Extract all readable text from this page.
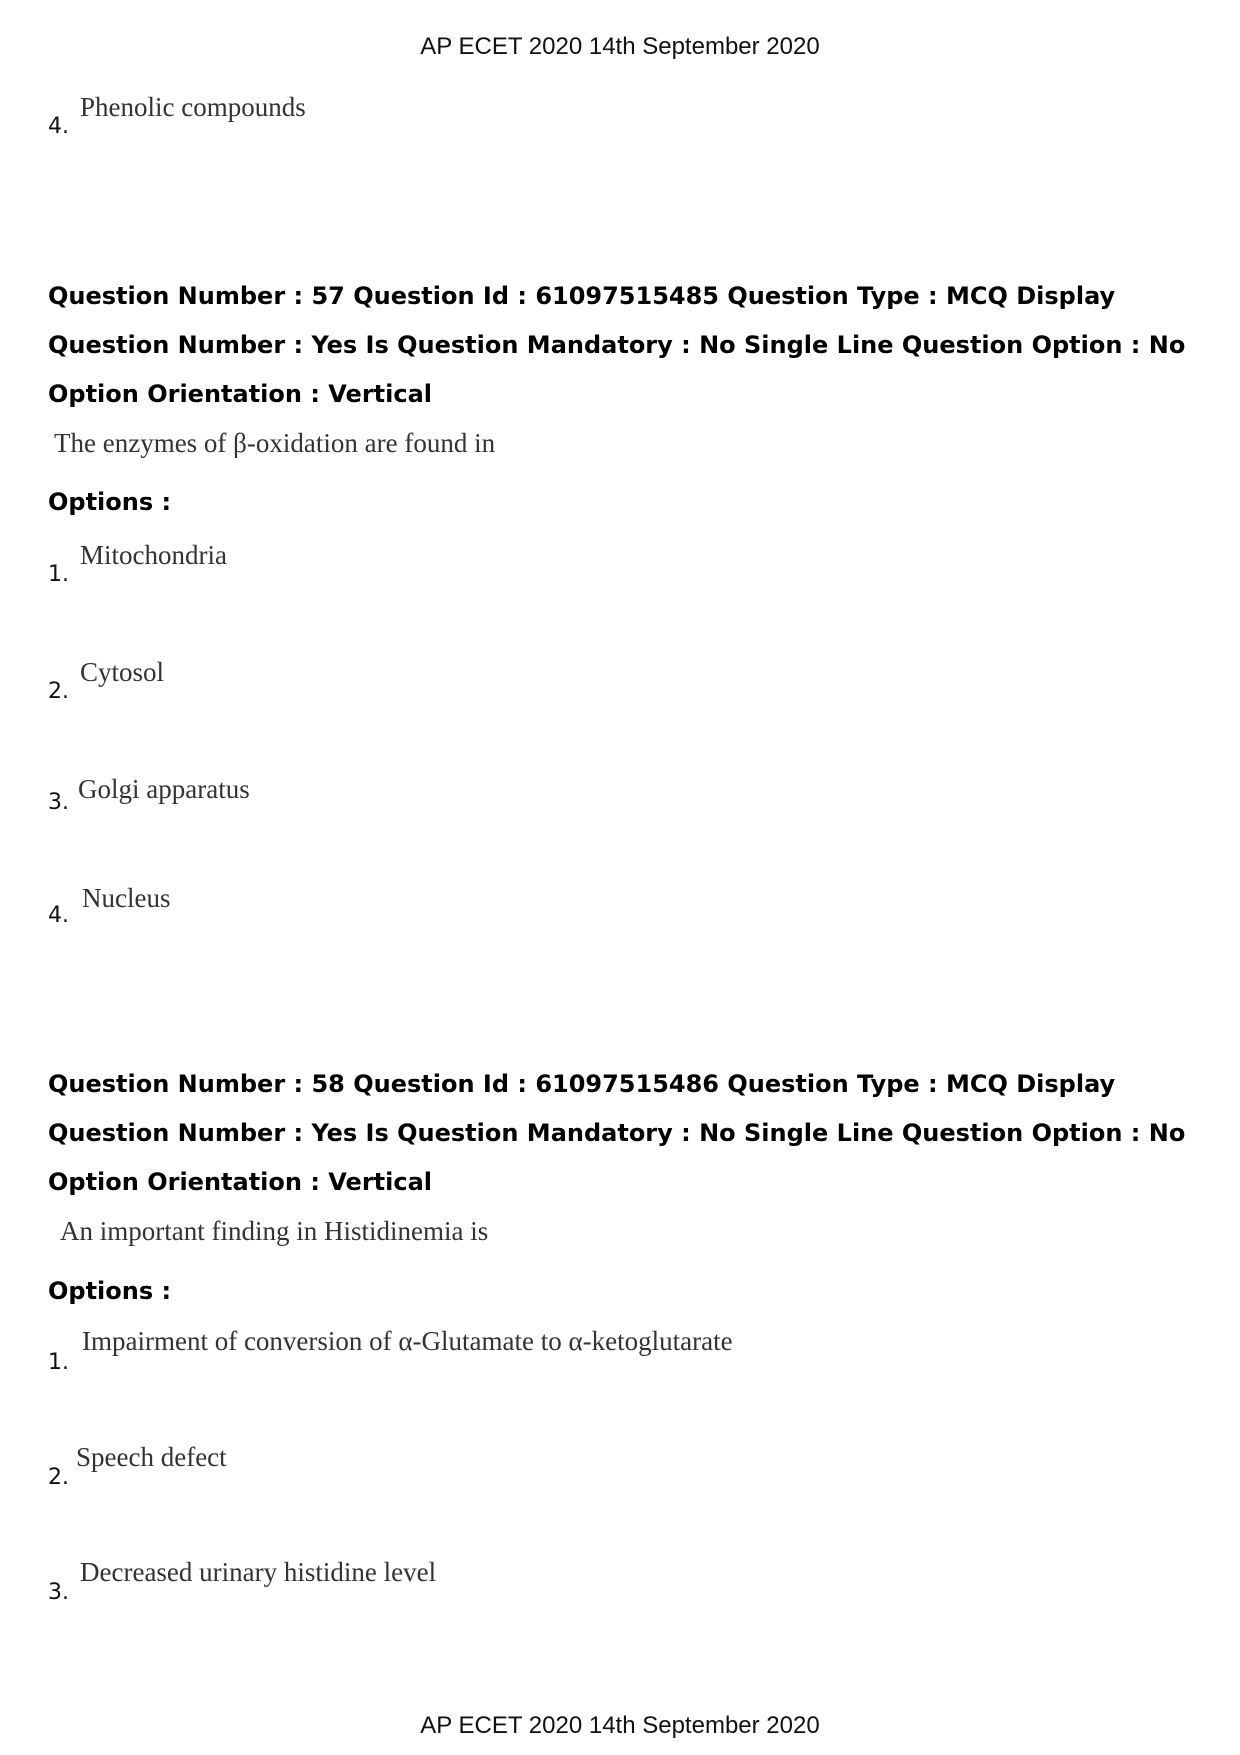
AP ECET 2020 14th September 2020
4.
Phenolic compounds
Question Number : 57 Question Id : 61097515485 Question Type : MCQ Display Question Number : Yes Is Question Mandatory : No Single Line Question Option : No Option Orientation : Vertical
The enzymes of β-oxidation are found in
Options :
1.
Mitochondria
2.
Cytosol
3. Golgi apparatus
4.
Nucleus
Question Number : 58 Question Id : 61097515486 Question Type : MCQ Display Question Number : Yes Is Question Mandatory : No Single Line Question Option : No Option Orientation : Vertical
An important finding in Histidinemia is
Options :
1.
Impairment of conversion of α-Glutamate to α-ketoglutarate
2.
Speech defect
3.
Decreased urinary histidine level
AP ECET 2020 14th September 2020
